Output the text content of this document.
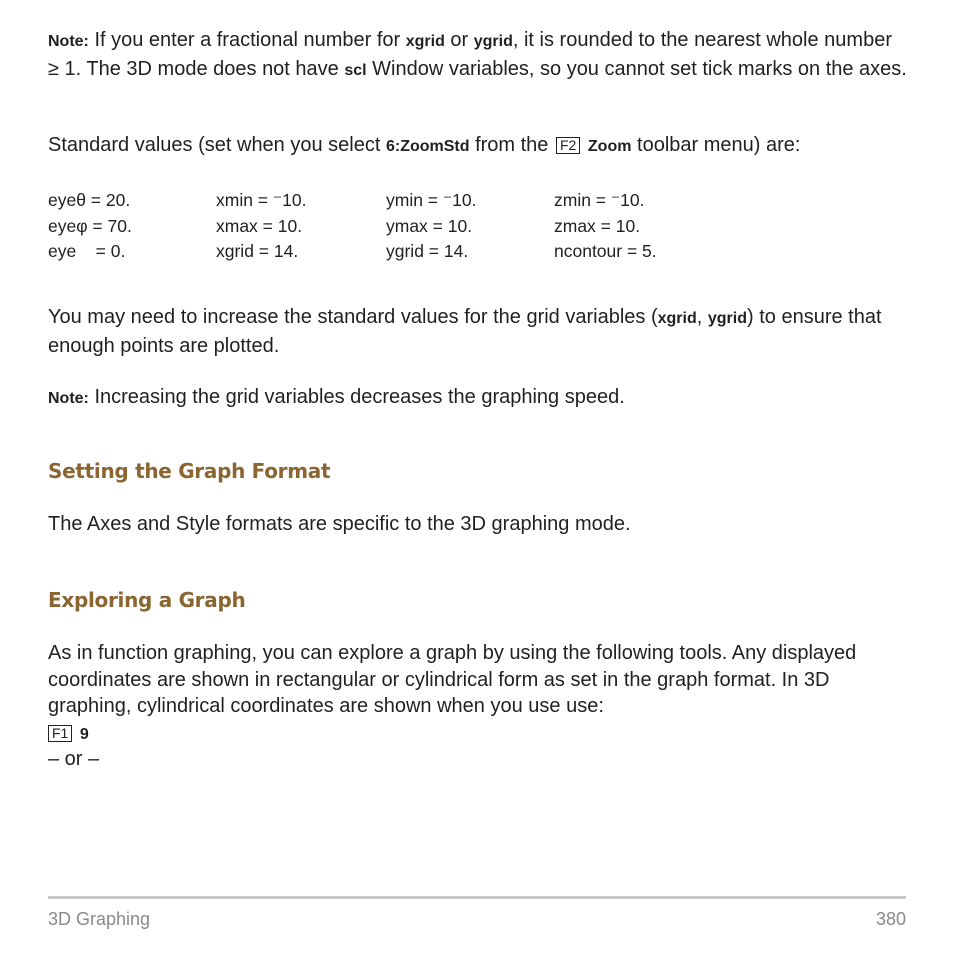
Note: If you enter a fractional number for xgrid or ygrid, it is rounded to the nearest whole number ≥ 1. The 3D mode does not have scl Window variables, so you cannot set tick marks on the axes.

Standard values (set when you select 6:ZoomStd from the F2 Zoom toolbar menu) are:

eyeθ = 20.	xmin = ⁻10.	ymin = ⁻10.	zmin = ⁻10.
eyeφ = 70.	xmax = 10.	ymax = 10.	zmax = 10.
eye    = 0.	xgrid = 14.	ygrid = 14.	ncontour = 5.

You may need to increase the standard values for the grid variables (xgrid, ygrid) to ensure that enough points are plotted.

Note: Increasing the grid variables decreases the graphing speed.

Setting the Graph Format

The Axes and Style formats are specific to the 3D graphing mode.

Exploring a Graph

As in function graphing, you can explore a graph by using the following tools. Any displayed coordinates are shown in rectangular or cylindrical form as set in the graph format. In 3D graphing, cylindrical coordinates are shown when you use use:

F1 9

– or –

3D Graphing	380
